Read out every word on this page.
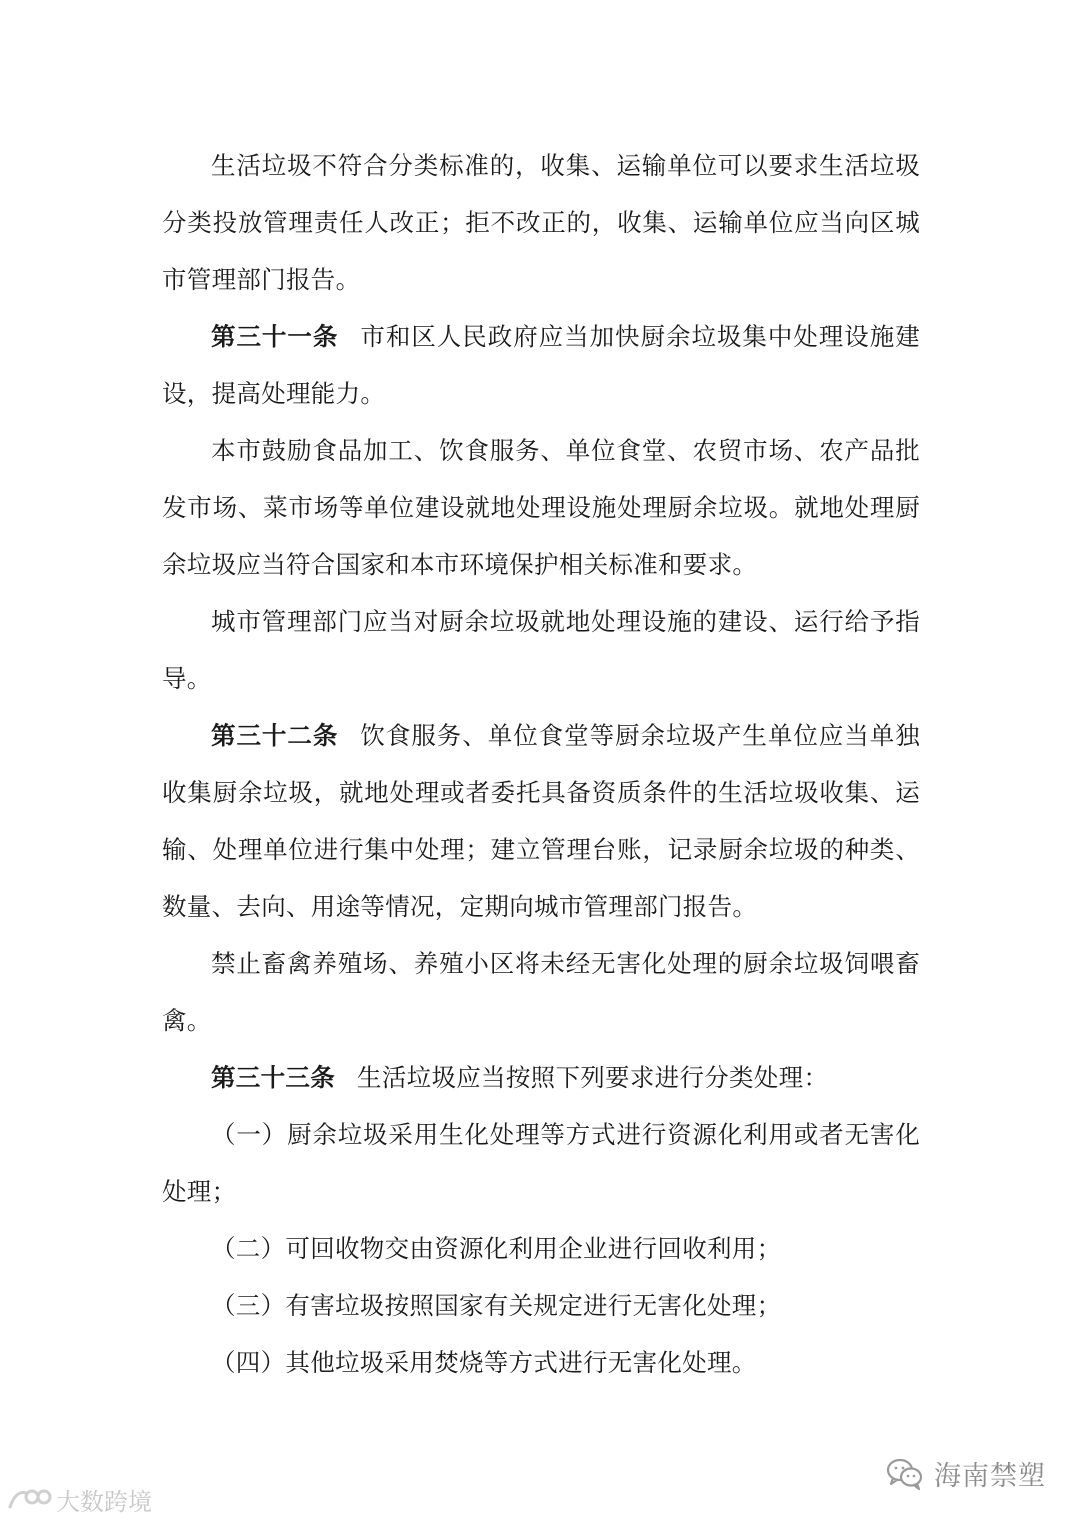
生活垃圾不符合分类标准的，收集、运输单位可以要求生活垃圾分类投放管理责任人改正；拒不改正的，收集、运输单位应当向区城市管理部门报告。

第三十一条 市和区人民政府应当加快厨余垃圾集中处理设施建设，提高处理能力。

本市鼓励食品加工、饮食服务、单位食堂、农贸市场、农产品批发市场、菜市场等单位建设就地处理设施处理厨余垃圾。就地处理厨余垃圾应当符合国家和本市环境保护相关标准和要求。

城市管理部门应当对厨余垃圾就地处理设施的建设、运行给予指导。

第三十二条 饮食服务、单位食堂等厨余垃圾产生单位应当单独收集厨余垃圾，就地处理或者委托具备资质条件的生活垃圾收集、运输、处理单位进行集中处理；建立管理台账，记录厨余垃圾的种类、数量、去向、用途等情况，定期向城市管理部门报告。

禁止畜禽养殖场、养殖小区将未经无害化处理的厨余垃圾饲喂畜禽。

第三十三条 生活垃圾应当按照下列要求进行分类处理：

（一）厨余垃圾采用生化处理等方式进行资源化利用或者无害化处理；

（二）可回收物交由资源化利用企业进行回收利用；

（三）有害垃圾按照国家有关规定进行无害化处理；

（四）其他垃圾采用焚烧等方式进行无害化处理。

大数跨境
海南禁塑
